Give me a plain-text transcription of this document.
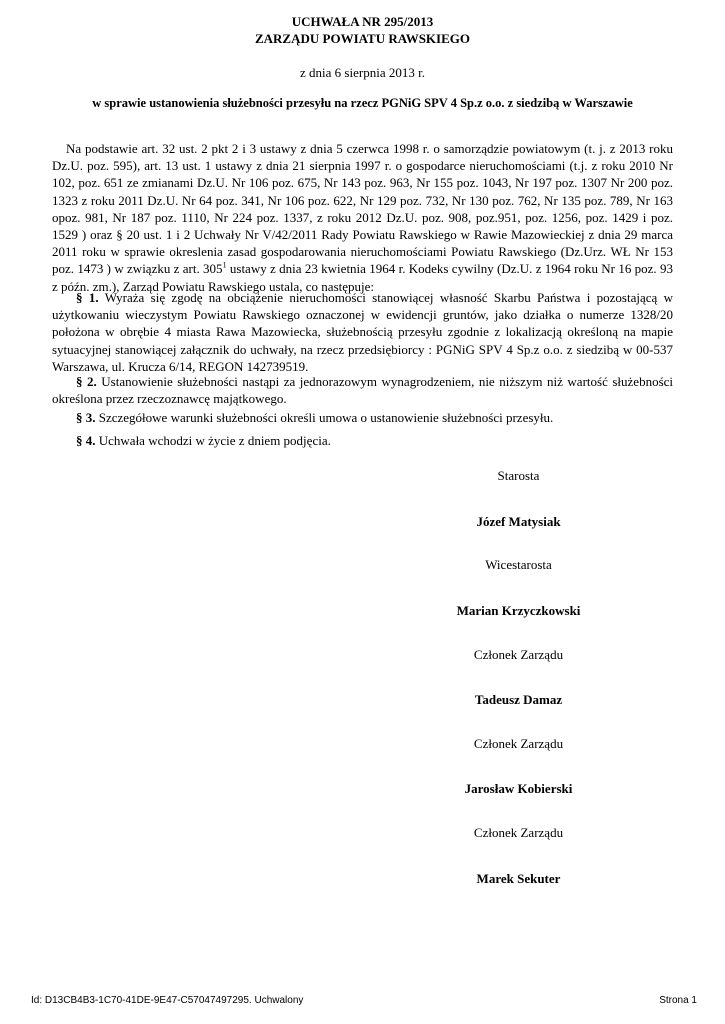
UCHWAŁA NR 295/2013
ZARZĄDU POWIATU RAWSKIEGO
z dnia 6 sierpnia 2013 r.
w sprawie ustanowienia służebności przesyłu na rzecz PGNiG SPV 4 Sp.z o.o. z siedzibą w Warszawie

Na podstawie art. 32 ust. 2 pkt 2 i 3 ustawy z dnia 5 czerwca 1998 r. o samorządzie powiatowym (t. j. z 2013 roku Dz.U. poz. 595), art. 13 ust. 1 ustawy z dnia 21 sierpnia 1997 r. o gospodarce nieruchomościami (t.j. z roku 2010 Nr 102, poz. 651 ze zmianami Dz.U. Nr 106 poz. 675, Nr 143 poz. 963, Nr 155 poz. 1043, Nr 197 poz. 1307 Nr 200 poz. 1323 z roku 2011 Dz.U. Nr 64 poz. 341, Nr 106 poz. 622, Nr 129 poz. 732, Nr 130 poz. 762, Nr 135 poz. 789, Nr 163 opoz. 981, Nr 187 poz. 1110, Nr 224 poz. 1337, z roku 2012 Dz.U. poz. 908, poz.951, poz. 1256, poz. 1429 i poz. 1529 ) oraz § 20 ust. 1 i 2 Uchwały Nr V/42/2011 Rady Powiatu Rawskiego w Rawie Mazowieckiej z dnia 29 marca 2011 roku w sprawie okreslenia zasad gospodarowania nieruchomościami Powiatu Rawskiego (Dz.Urz. WŁ Nr 153 poz. 1473 ) w związku z art. $305^1$ ustawy z dnia 23 kwietnia 1964 r. Kodeks cywilny (Dz.U. z 1964 roku Nr 16 poz. 93 z późn. zm.), Zarząd Powiatu Rawskiego ustala, co następuje:

§ 1. Wyraża się zgodę na obciążenie nieruchomości stanowiącej własność Skarbu Państwa i pozostającą w użytkowaniu wieczystym Powiatu Rawskiego oznaczonej w ewidencji gruntów, jako działka o numerze 1328/20 położona w obrębie 4 miasta Rawa Mazowiecka, służebnością przesyłu zgodnie z lokalizacją określoną na mapie sytuacyjnej stanowiącej załącznik do uchwały, na rzecz przedsiębiorcy : PGNiG SPV 4 Sp.z o.o. z siedzibą w 00-537 Warszawa, ul. Krucza 6/14, REGON 142739519.

§ 2. Ustanowienie służebności nastąpi za jednorazowym wynagrodzeniem, nie niższym niż wartość służebności określona przez rzeczoznawcę majątkowego.

§ 3. Szczegółowe warunki służebności określi umowa o ustanowienie służebności przesyłu.

§ 4. Uchwała wchodzi w życie z dniem podjęcia.

Starosta
Józef Matysiak
Wicestarosta
Marian Krzyczkowski
Członek Zarządu
Tadeusz Damaz
Członek Zarządu
Jarosław Kobierski
Członek Zarządu
Marek Sekuter
Id: D13CB4B3-1C70-41DE-9E47-C57047497295. Uchwalony	Strona 1
